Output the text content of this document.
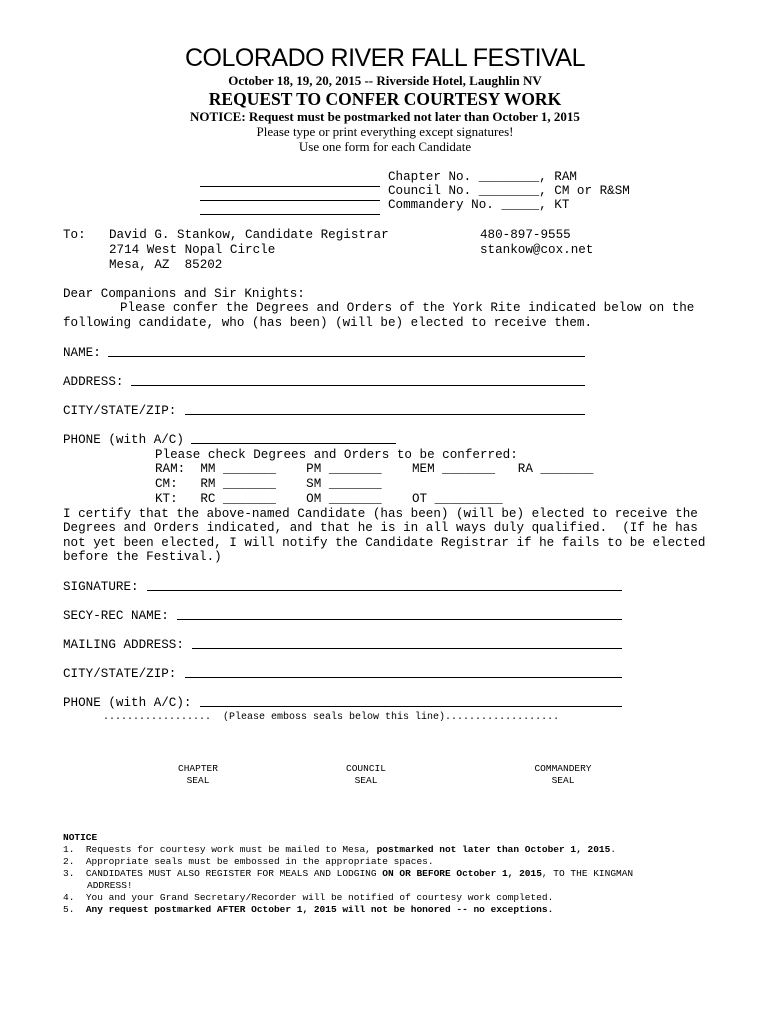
COLORADO RIVER FALL FESTIVAL
October 18, 19, 20, 2015 -- Riverside Hotel, Laughlin NV
REQUEST TO CONFER COURTESY WORK
NOTICE: Request must be postmarked not later than October 1, 2015
Please type or print everything except signatures!
Use one form for each Candidate
Chapter No. ________, RAM
Council No. ________, CM or R&SM
Commandery No. _____, KT
To: David G. Stankow, Candidate Registrar
2714 West Nopal Circle
Mesa, AZ  85202
480-897-9555
stankow@cox.net
Dear Companions and Sir Knights:
Please confer the Degrees and Orders of the York Rite indicated below on the
following candidate, who (has been) (will be) elected to receive them.
NAME:
ADDRESS:
CITY/STATE/ZIP:
PHONE (with A/C)
Please check Degrees and Orders to be conferred:
RAM:  MM _______    PM _______    MEM _______   RA _______
CM:   RM _______    SM _______
KT:   RC _______    OM _______    OT _________
I certify that the above-named Candidate (has been) (will be) elected to receive the
Degrees and Orders indicated, and that he is in all ways duly qualified.  (If he has
not yet been elected, I will notify the Candidate Registrar if he fails to be elected
before the Festival.)
SIGNATURE:
SECY-REC NAME:
MAILING ADDRESS:
CITY/STATE/ZIP:
PHONE (with A/C):
..................  (Please emboss seals below this line)...................
CHAPTER
SEAL
COUNCIL
SEAL
COMMANDERY
SEAL
NOTICE
1. Requests for courtesy work must be mailed to Mesa, postmarked not later than October 1, 2015.
2. Appropriate seals must be embossed in the appropriate spaces.
3. CANDIDATES MUST ALSO REGISTER FOR MEALS AND LODGING ON OR BEFORE October 1, 2015, TO THE KINGMAN
ADDRESS!
4. You and your Grand Secretary/Recorder will be notified of courtesy work completed.
5. Any request postmarked AFTER October 1, 2015 will not be honored -- no exceptions.
